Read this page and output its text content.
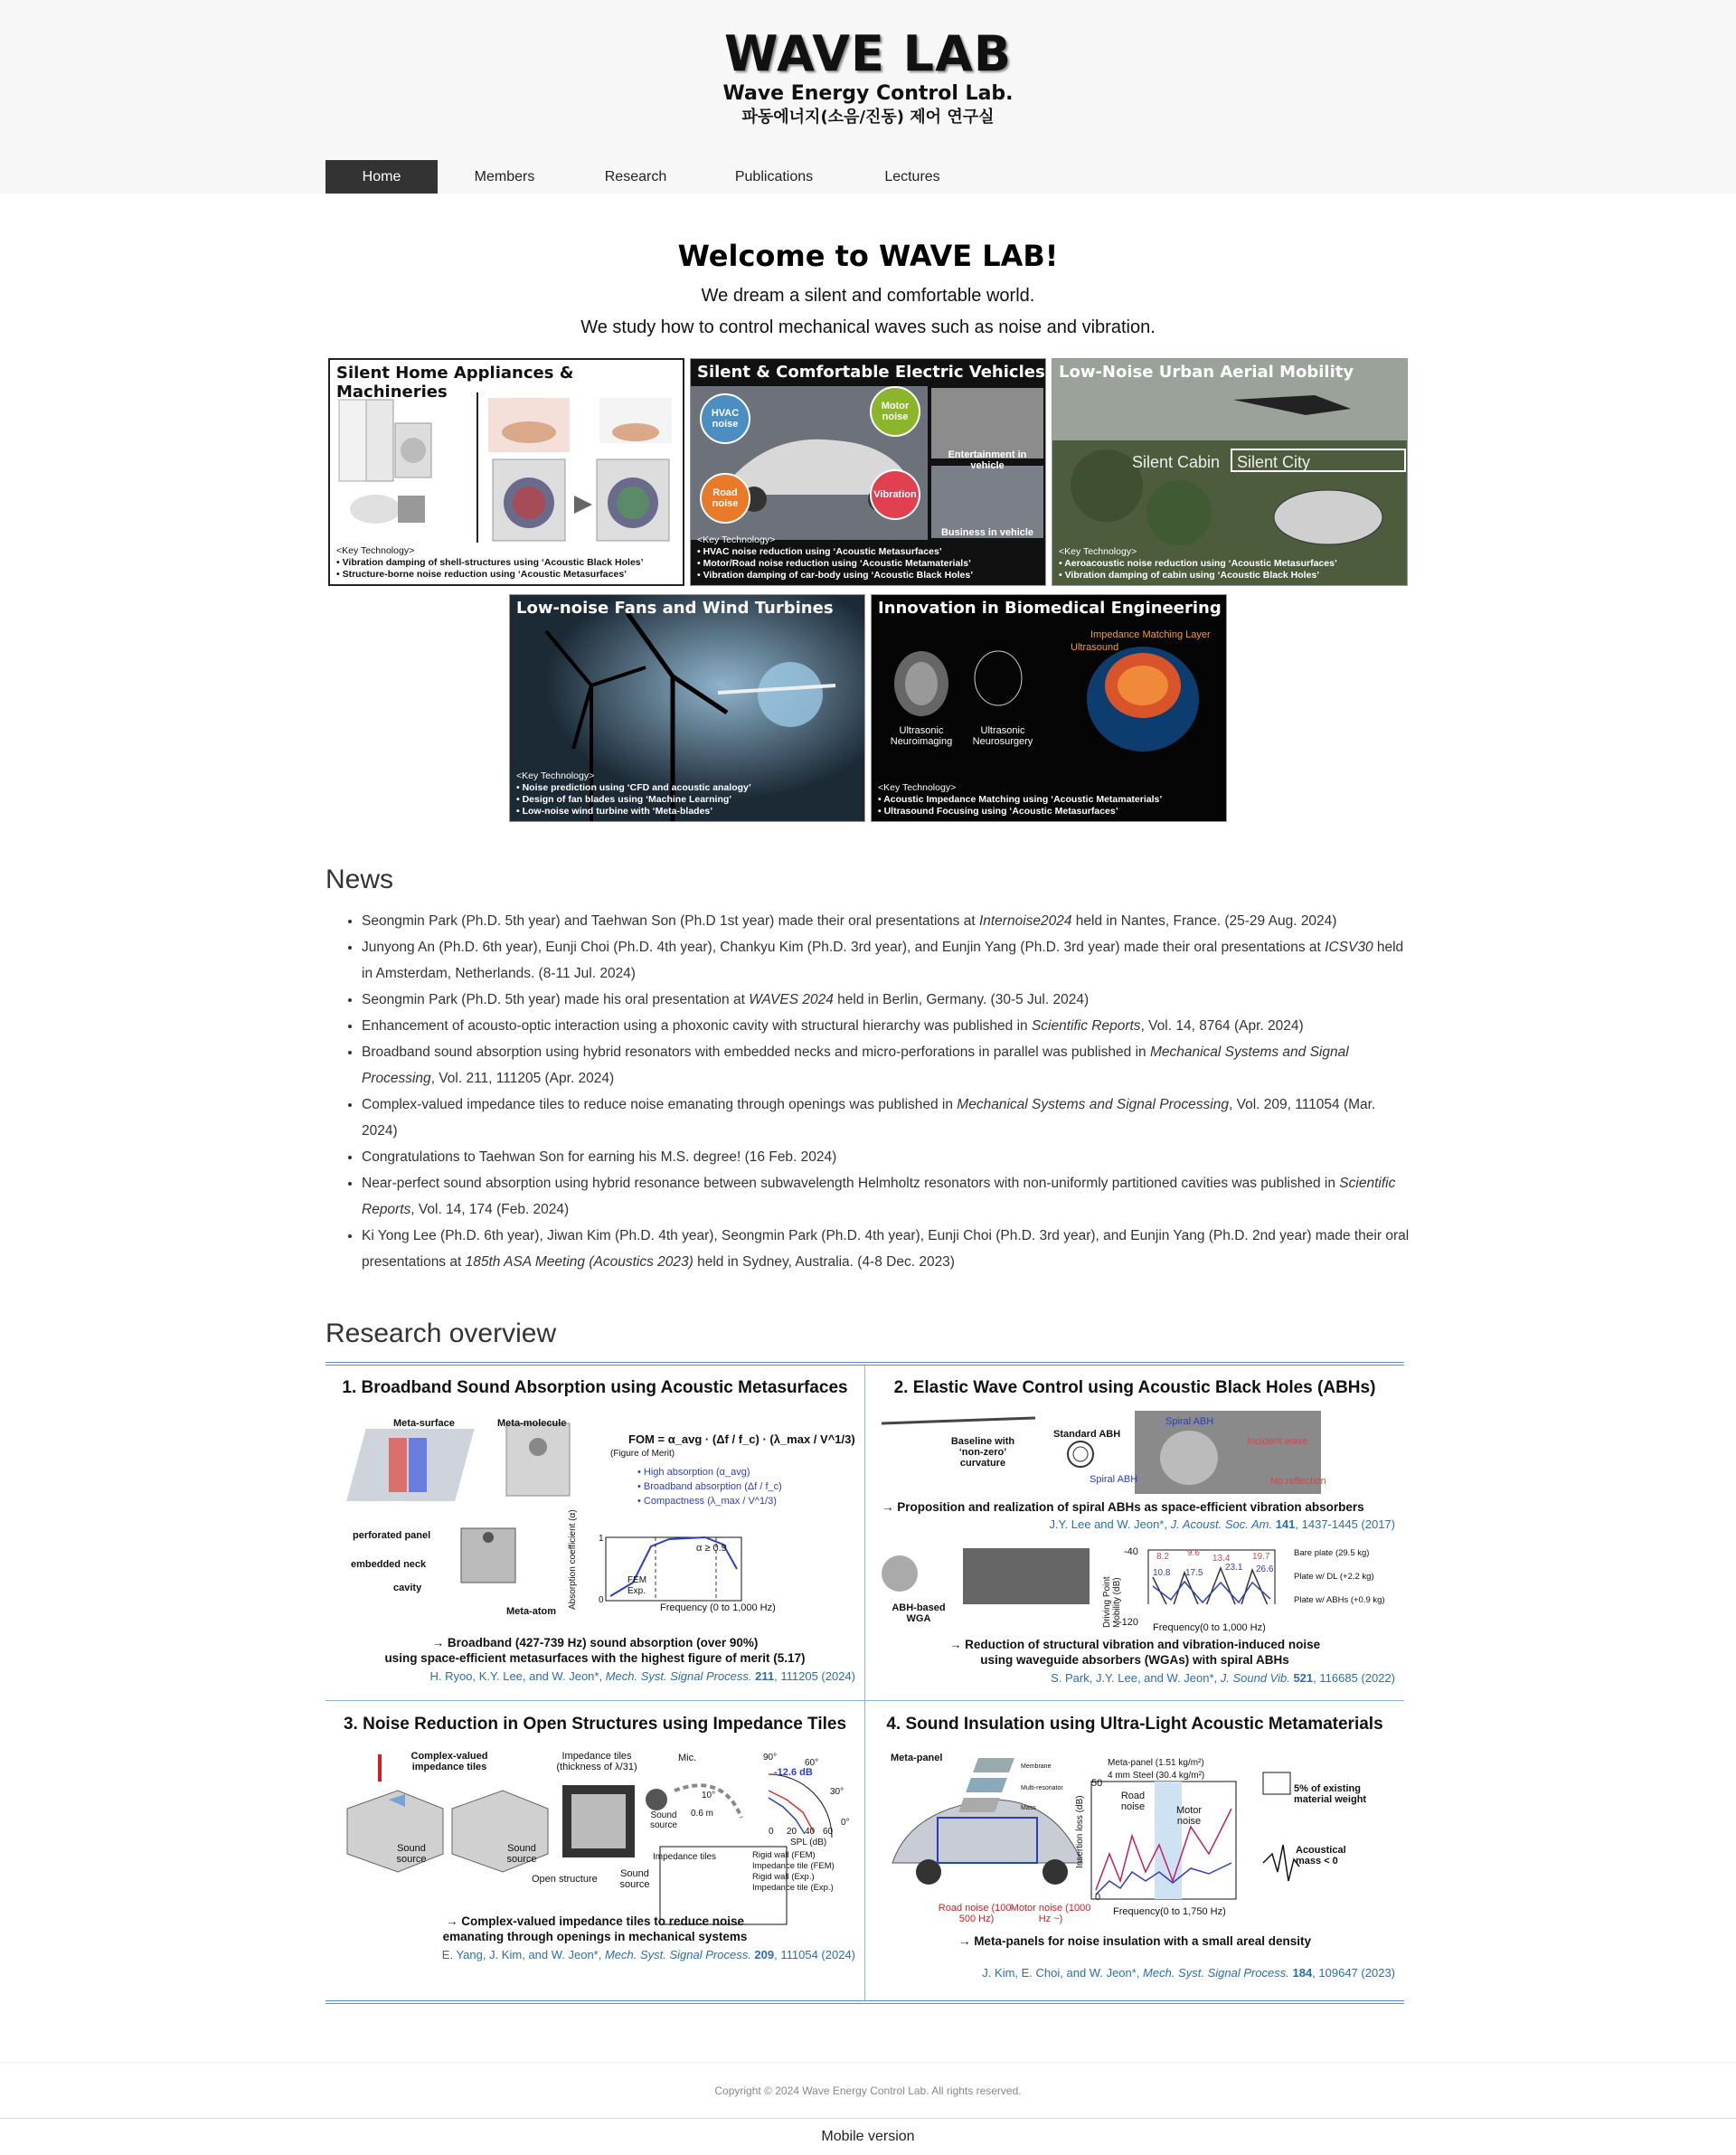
WAVE LAB
Wave Energy Control Lab.
파동에너지(소음/진동) 제어 연구실
Home	Members	Research	Publications	Lectures
Welcome to WAVE LAB!

We dream a silent and comfortable world.

We study how to control mechanical waves such as noise and vibration.

Silent Home Appliances & Machineries
<Key Technology>
• Vibration damping of shell-structures using ‘Acoustic Black Holes’
• Structure-borne noise reduction using ‘Acoustic Metasurfaces’
Silent & Comfortable Electric Vehicles
HVAC noise
Motor noise
Road noise
Vibration
Entertainment in vehicle
Business in vehicle
<Key Technology>
• HVAC noise reduction using ‘Acoustic Metasurfaces’
• Motor/Road noise reduction using ‘Acoustic Metamaterials’
• Vibration damping of car-body using ‘Acoustic Black Holes’
Low-Noise Urban Aerial Mobility
Silent Cabin Silent City
<Key Technology>
• Aeroacoustic noise reduction using ‘Acoustic Metasurfaces’
• Vibration damping of cabin using ‘Acoustic Black Holes’
Low-noise Fans and Wind Turbines
<Key Technology>
• Noise prediction using ‘CFD and acoustic analogy’
• Design of fan blades using ‘Machine Learning’
• Low-noise wind turbine with ‘Meta-blades’
Innovation in Biomedical Engineering
Impedance Matching Layer
Ultrasound
Ultrasonic Neuroimaging
Ultrasonic Neurosurgery
<Key Technology>
• Acoustic Impedance Matching using ‘Acoustic Metamaterials’
• Ultrasound Focusing using ‘Acoustic Metasurfaces’
News
• Seongmin Park (Ph.D. 5th year) and Taehwan Son (Ph.D 1st year) made their oral presentations at Internoise2024 held in Nantes, France. (25-29 Aug. 2024)
• Junyong An (Ph.D. 6th year), Eunji Choi (Ph.D. 4th year), Chankyu Kim (Ph.D. 3rd year), and Eunjin Yang (Ph.D. 3rd year) made their oral presentations at ICSV30 held in Amsterdam, Netherlands. (8-11 Jul. 2024)
• Seongmin Park (Ph.D. 5th year) made his oral presentation at WAVES 2024 held in Berlin, Germany. (30-5 Jul. 2024)
• Enhancement of acousto-optic interaction using a phoxonic cavity with structural hierarchy was published in Scientific Reports, Vol. 14, 8764 (Apr. 2024)
• Broadband sound absorption using hybrid resonators with embedded necks and micro-perforations in parallel was published in Mechanical Systems and Signal Processing, Vol. 211, 111205 (Apr. 2024)
• Complex-valued impedance tiles to reduce noise emanating through openings was published in Mechanical Systems and Signal Processing, Vol. 209, 111054 (Mar. 2024)
• Congratulations to Taehwan Son for earning his M.S. degree! (16 Feb. 2024)
• Near-perfect sound absorption using hybrid resonance between subwavelength Helmholtz resonators with non-uniformly partitioned cavities was published in Scientific Reports, Vol. 14, 174 (Feb. 2024)
• Ki Yong Lee (Ph.D. 6th year), Jiwan Kim (Ph.D. 4th year), Seongmin Park (Ph.D. 4th year), Eunji Choi (Ph.D. 3rd year), and Eunjin Yang (Ph.D. 2nd year) made their oral presentations at 185th ASA Meeting (Acoustics 2023) held in Sydney, Australia. (4-8 Dec. 2023)
Research overview
1. Broadband Sound Absorption using Acoustic Metasurfaces
Meta-surface	Meta-molecule
perforated panel
embedded neck
cavity
Meta-atom
FOM = α_avg · (Δf / f_c) · (λ_max / V^1/3)
(Figure of Merit)
• High absorption (α_avg)
• Broadband absorption (Δf / f_c)
• Compactness (λ_max / V^1/3)
Absorption coefficient (α)	Frequency (0 to 1,000 Hz)
α ≥ 0.9
FEM
Exp.
1
0
→ Broadband (427-739 Hz) sound absorption (over 90%)
using space-efficient metasurfaces with the highest figure of merit (5.17)
H. Ryoo, K.Y. Lee, and W. Jeon*, Mech. Syst. Signal Process. 211, 111205 (2024)
2. Elastic Wave Control using Acoustic Black Holes (ABHs)
Baseline with ‘non-zero’ curvature
Standard ABH
Spiral ABH
Spiral ABH
Incident wave
No reflection
→ Proposition and realization of spiral ABHs as space-efficient vibration absorbers
J.Y. Lee and W. Jeon*, J. Acoust. Soc. Am. 141, 1437-1445 (2017)
ABH-based WGA	Driving Point Mobility (dB)
-40
-120 Frequency(0 to 1,000 Hz)
Bare plate (29.5 kg)
Plate w/ DL (+2.2 kg)
Plate w/ ABHs (+0.9 kg)
8.2 9.6
13.4 19.7
10.8 17.5
23.1 26.6
→ Reduction of structural vibration and vibration-induced noise
using waveguide absorbers (WGAs) with spiral ABHs
S. Park, J.Y. Lee, and W. Jeon*, J. Sound Vib. 521, 116685 (2022)
3. Noise Reduction in Open Structures using Impedance Tiles
Complex-valued impedance tiles
Impedance tiles (thickness of λ/31)
Sound source
Sound source
Open structure	Sound source
Mic.
10°
0.6 m
Sound source
Impedance tiles
90°
60°
30°
0°
-12.6 dB
0 20 40 60
SPL (dB)
Rigid wall (FEM)
Impedance tile (FEM)
Rigid wall (Exp.)
Impedance tile (Exp.)
→ Complex-valued impedance tiles to reduce noise
emanating through openings in mechanical systems
E. Yang, J. Kim, and W. Jeon*, Mech. Syst. Signal Process. 209, 111054 (2024)
4. Sound Insulation using Ultra-Light Acoustic Metamaterials
Meta-panel	Meta-panel (1.51 kg/m²)
4 mm Steel (30.4 kg/m²)
Insertion loss (dB)
50
0
Road noise	Motor noise
Frequency(0 to 1,750 Hz)
Road noise (100-500 Hz)
Motor noise (1000 Hz ~)
5% of existing material weight
Acoustical mass < 0
Membrane
Multi-resonator
Mass
→ Meta-panels for noise insulation with a small areal density
J. Kim, E. Choi, and W. Jeon*, Mech. Syst. Signal Process. 184, 109647 (2023)
Copyright © 2024 Wave Energy Control Lab. All rights reserved.
Mobile version
